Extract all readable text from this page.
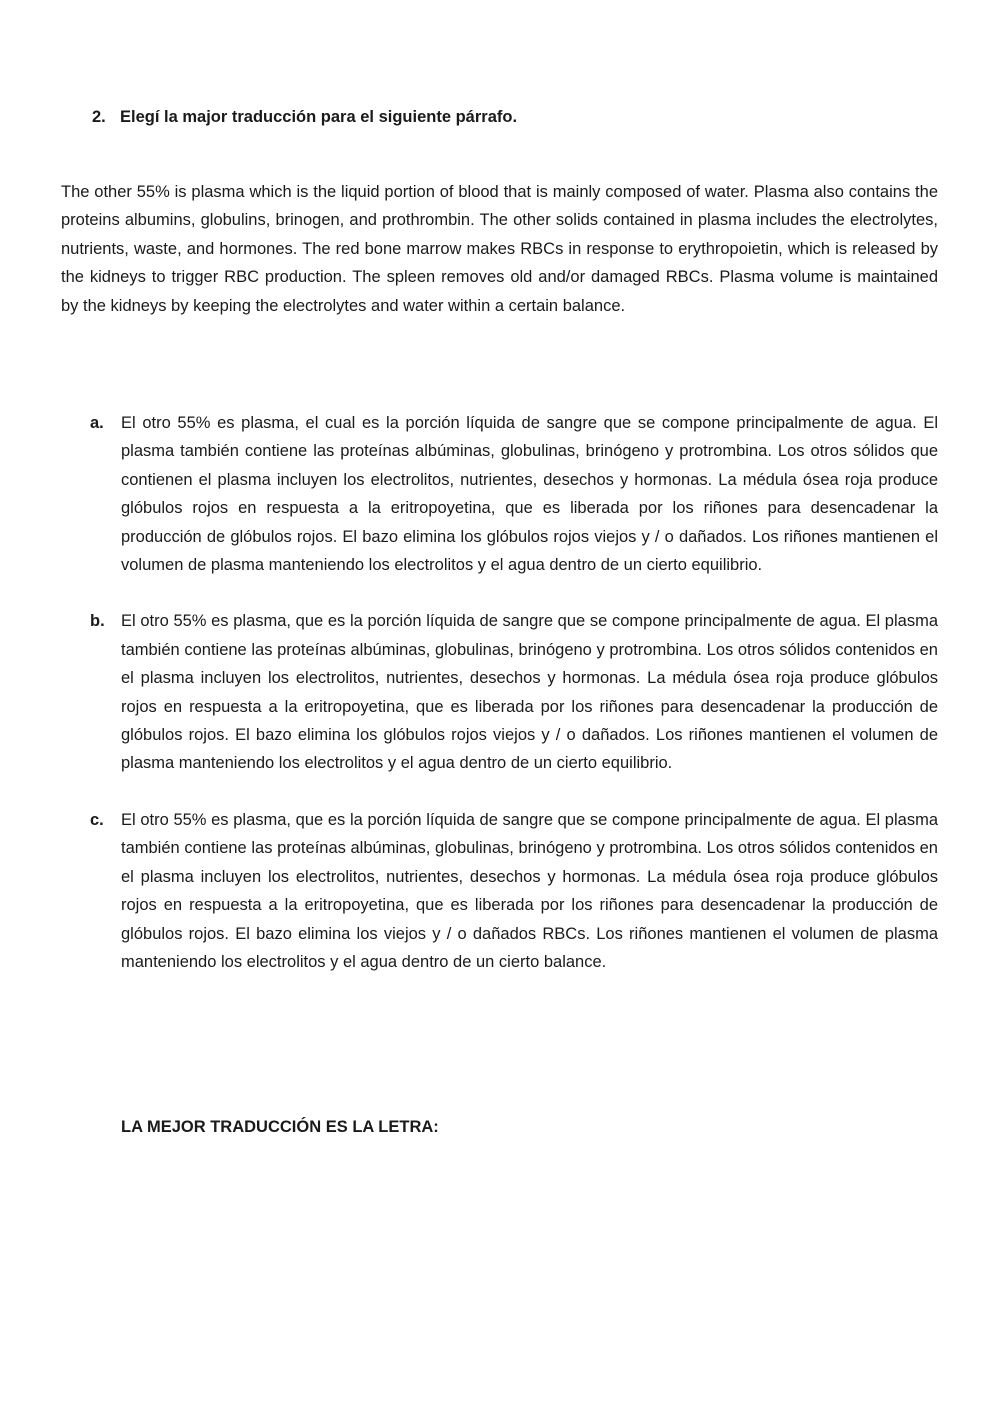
2. Elegí la major traducción para el siguiente párrafo.

The other 55% is plasma which is the liquid portion of blood that is mainly composed of water. Plasma also contains the proteins albumins, globulins, brinogen, and prothrombin. The other solids contained in plasma includes the electrolytes, nutrients, waste, and hormones. The red bone marrow makes RBCs in response to erythropoietin, which is released by the kidneys to trigger RBC production. The spleen removes old and/or damaged RBCs. Plasma volume is maintained by the kidneys by keeping the electrolytes and water within a certain balance.

a. El otro 55% es plasma, el cual es la porción líquida de sangre que se compone principalmente de agua. El plasma también contiene las proteínas albúminas, globulinas, brinógeno y protrombina. Los otros sólidos que contienen el plasma incluyen los electrolitos, nutrientes, desechos y hormonas. La médula ósea roja produce glóbulos rojos en respuesta a la eritropoyetina, que es liberada por los riñones para desencadenar la producción de glóbulos rojos. El bazo elimina los glóbulos rojos viejos y / o dañados. Los riñones mantienen el volumen de plasma manteniendo los electrolitos y el agua dentro de un cierto equilibrio.
b. El otro 55% es plasma, que es la porción líquida de sangre que se compone principalmente de agua. El plasma también contiene las proteínas albúminas, globulinas, brinógeno y protrombina. Los otros sólidos contenidos en el plasma incluyen los electrolitos, nutrientes, desechos y hormonas. La médula ósea roja produce glóbulos rojos en respuesta a la eritropoyetina, que es liberada por los riñones para desencadenar la producción de glóbulos rojos. El bazo elimina los glóbulos rojos viejos y / o dañados. Los riñones mantienen el volumen de plasma manteniendo los electrolitos y el agua dentro de un cierto equilibrio.
c. El otro 55% es plasma, que es la porción líquida de sangre que se compone principalmente de agua. El plasma también contiene las proteínas albúminas, globulinas, brinógeno y protrombina. Los otros sólidos contenidos en el plasma incluyen los electrolitos, nutrientes, desechos y hormonas. La médula ósea roja produce glóbulos rojos en respuesta a la eritropoyetina, que es liberada por los riñones para desencadenar la producción de glóbulos rojos. El bazo elimina los viejos y / o dañados RBCs. Los riñones mantienen el volumen de plasma manteniendo los electrolitos y el agua dentro de un cierto balance.
LA MEJOR TRADUCCIÓN ES LA LETRA:
